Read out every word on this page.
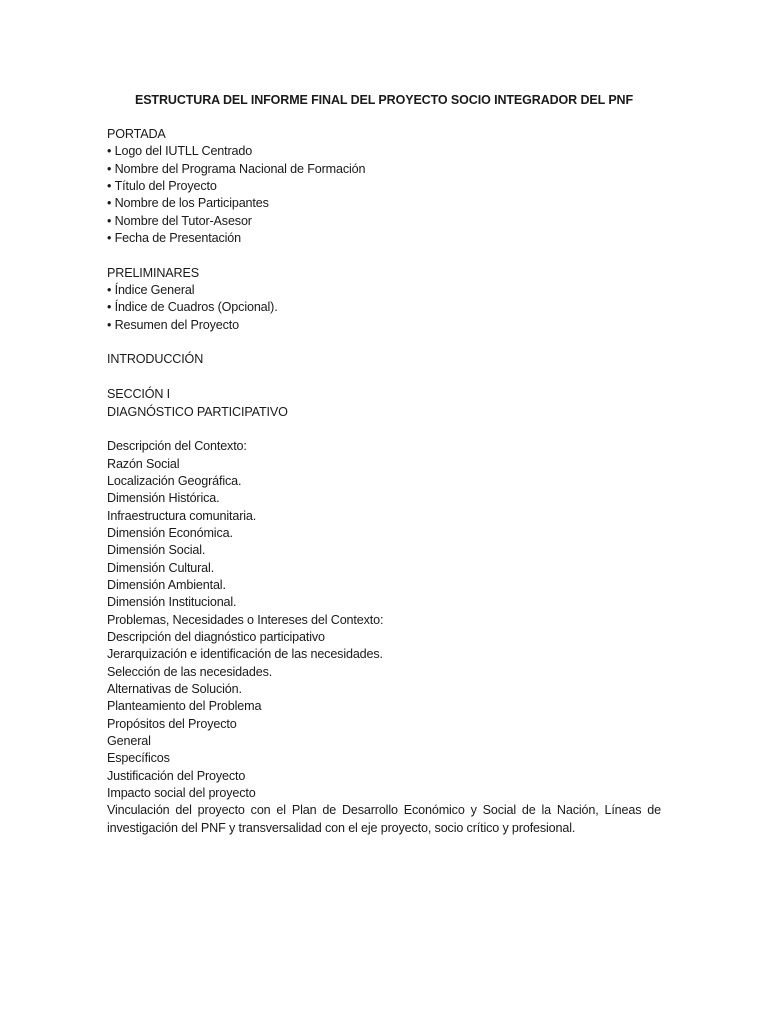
ESTRUCTURA DEL INFORME FINAL DEL PROYECTO SOCIO INTEGRADOR DEL PNF
PORTADA
• Logo del IUTLL Centrado
• Nombre del Programa Nacional de Formación
• Título del Proyecto
• Nombre de los Participantes
• Nombre del Tutor-Asesor
• Fecha de Presentación
PRELIMINARES
• Índice General
• Índice de Cuadros (Opcional).
• Resumen del Proyecto
INTRODUCCIÓN
SECCIÓN I
DIAGNÓSTICO PARTICIPATIVO
Descripción del Contexto:
Razón Social
Localización Geográfica.
Dimensión Histórica.
Infraestructura comunitaria.
Dimensión Económica.
Dimensión Social.
Dimensión Cultural.
Dimensión Ambiental.
Dimensión Institucional.
Problemas, Necesidades o Intereses del Contexto:
Descripción del diagnóstico participativo
Jerarquización e identificación de las necesidades.
Selección de las necesidades.
Alternativas de Solución.
Planteamiento del Problema
Propósitos del Proyecto
General
Específicos
Justificación del Proyecto
Impacto social del proyecto
Vinculación del proyecto con el Plan de Desarrollo Económico y Social de la Nación, Líneas de investigación del PNF y transversalidad con el eje proyecto, socio crítico y profesional.
